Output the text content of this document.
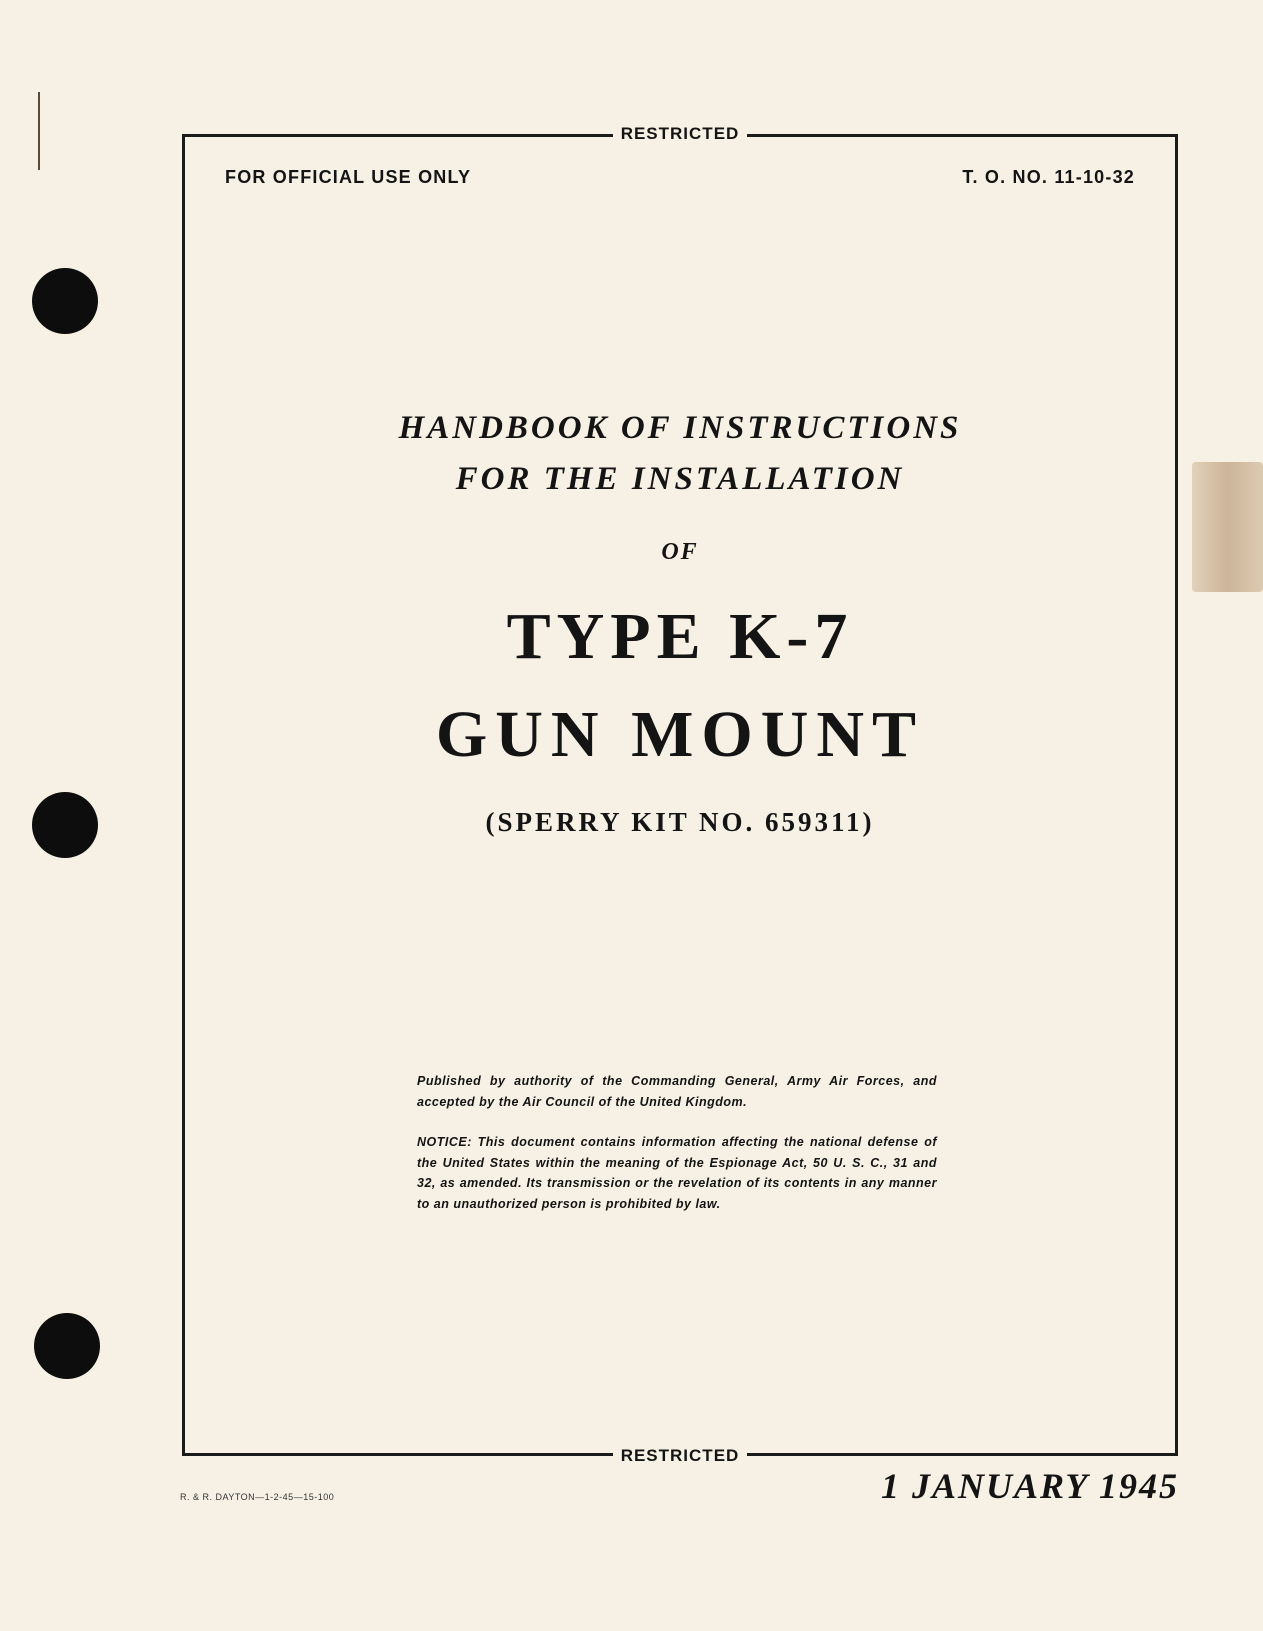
RESTRICTED
FOR OFFICIAL USE ONLY	T. O. NO. 11-10-32
HANDBOOK OF INSTRUCTIONS
FOR THE INSTALLATION
OF
TYPE K-7
GUN MOUNT
(SPERRY KIT NO. 659311)
Published by authority of the Commanding General, Army Air Forces, and accepted by the Air Council of the United Kingdom.
NOTICE: This document contains information affecting the national defense of the United States within the meaning of the Espionage Act, 50 U. S. C., 31 and 32, as amended. Its transmission or the revelation of its contents in any manner to an unauthorized person is prohibited by law.
RESTRICTED
R. & R. DAYTON—1-2-45—15-100	1 JANUARY 1945
